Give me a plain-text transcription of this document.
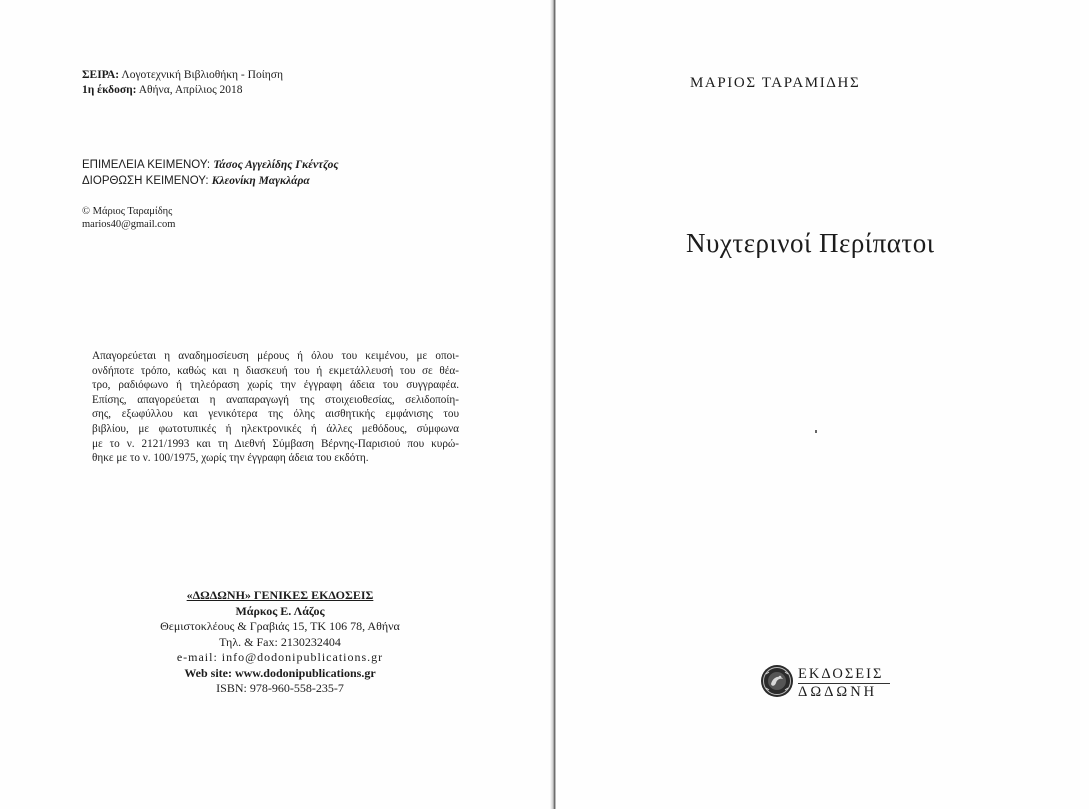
ΣΕΙΡΑ: Λογοτεχνική Βιβλιοθήκη - Ποίηση
1η έκδοση: Αθήνα, Απρίλιος 2018
ΕΠΙΜΕΛΕΙΑ ΚΕΙΜΕΝΟΥ: Τάσος Αγγελίδης Γκέντζος
ΔΙΟΡΘΩΣΗ ΚΕΙΜΕΝΟΥ: Κλεονίκη Μαγκλάρα
© Μάριος Ταραμίδης
marios40@gmail.com
Απαγορεύεται η αναδημοσίευση μέρους ή όλου του κειμένου, με οποι-
ονδήποτε τρόπο, καθώς και η διασκευή του ή εκμετάλλευσή του σε θέα-
τρο, ραδιόφωνο ή τηλεόραση χωρίς την έγγραφη άδεια του συγγραφέα.
Επίσης, απαγορεύεται η αναπαραγωγή της στοιχειοθεσίας, σελιδοποίη-
σης, εξωφύλλου και γενικότερα της όλης αισθητικής εμφάνισης του
βιβλίου, με φωτοτυπικές ή ηλεκτρονικές ή άλλες μεθόδους, σύμφωνα
με το ν. 2121/1993 και τη Διεθνή Σύμβαση Βέρνης-Παρισιού που κυρώ-
θηκε με το ν. 100/1975, χωρίς την έγγραφη άδεια του εκδότη.
«ΔΩΔΩΝΗ» ΓΕΝΙΚΕΣ ΕΚΔΟΣΕΙΣ
Μάρκος Ε. Λάζος
Θεμιστοκλέους & Γραβιάς 15, ΤΚ 106 78, Αθήνα
Τηλ. & Fax: 2130232404
e-mail: info@dodonipublications.gr
Web site: www.dodonipublications.gr
ISBN: 978-960-558-235-7
ΜΑΡΙΟΣ ΤΑΡΑΜΙΔΗΣ
Νυχτερινοί Περίπατοι
ΕΚΔΟΣΕΙΣ
ΔΩΔΩΝΗ
